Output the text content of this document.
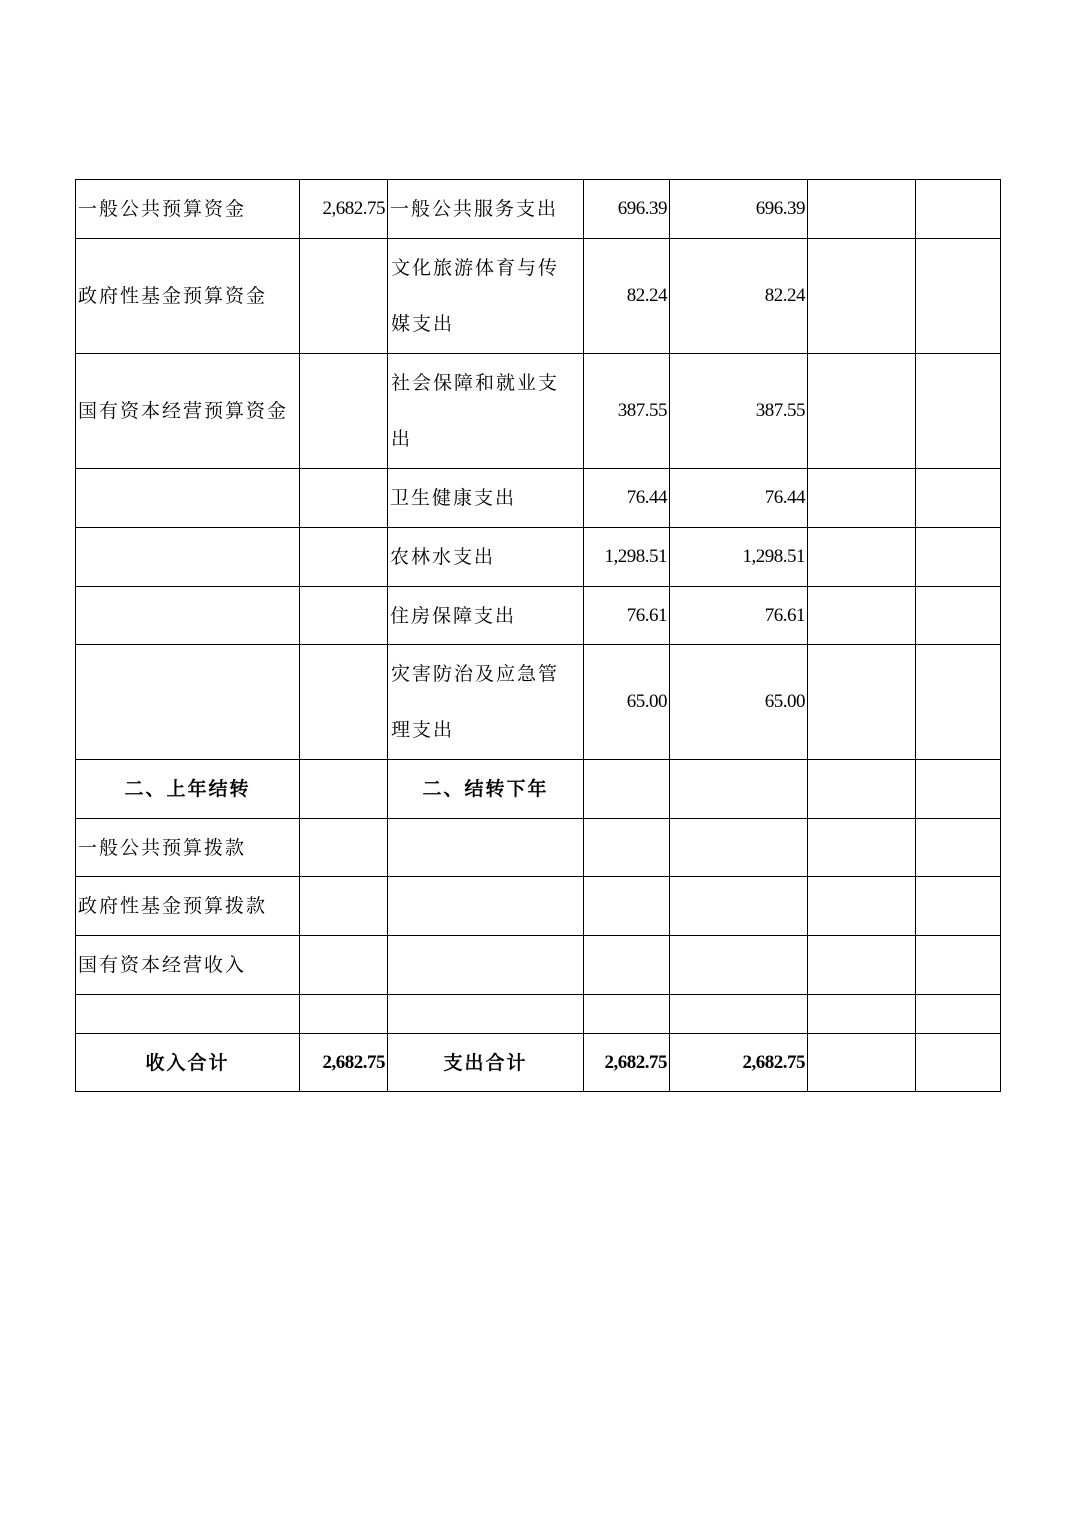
一般公共预算资金	2,682.75	一般公共服务支出	696.39	696.39		
政府性基金预算资金		文化旅游体育与传媒支出	82.24	82.24		
国有资本经营预算资金		社会保障和就业支出	387.55	387.55		
		卫生健康支出	76.44	76.44		
		农林水支出	1,298.51	1,298.51		
		住房保障支出	76.61	76.61		
		灾害防治及应急管理支出	65.00	65.00		
二、上年结转		二、结转下年				
一般公共预算拨款						
政府性基金预算拨款						
国有资本经营收入						

收入合计	2,682.75	支出合计	2,682.75	2,682.75		
